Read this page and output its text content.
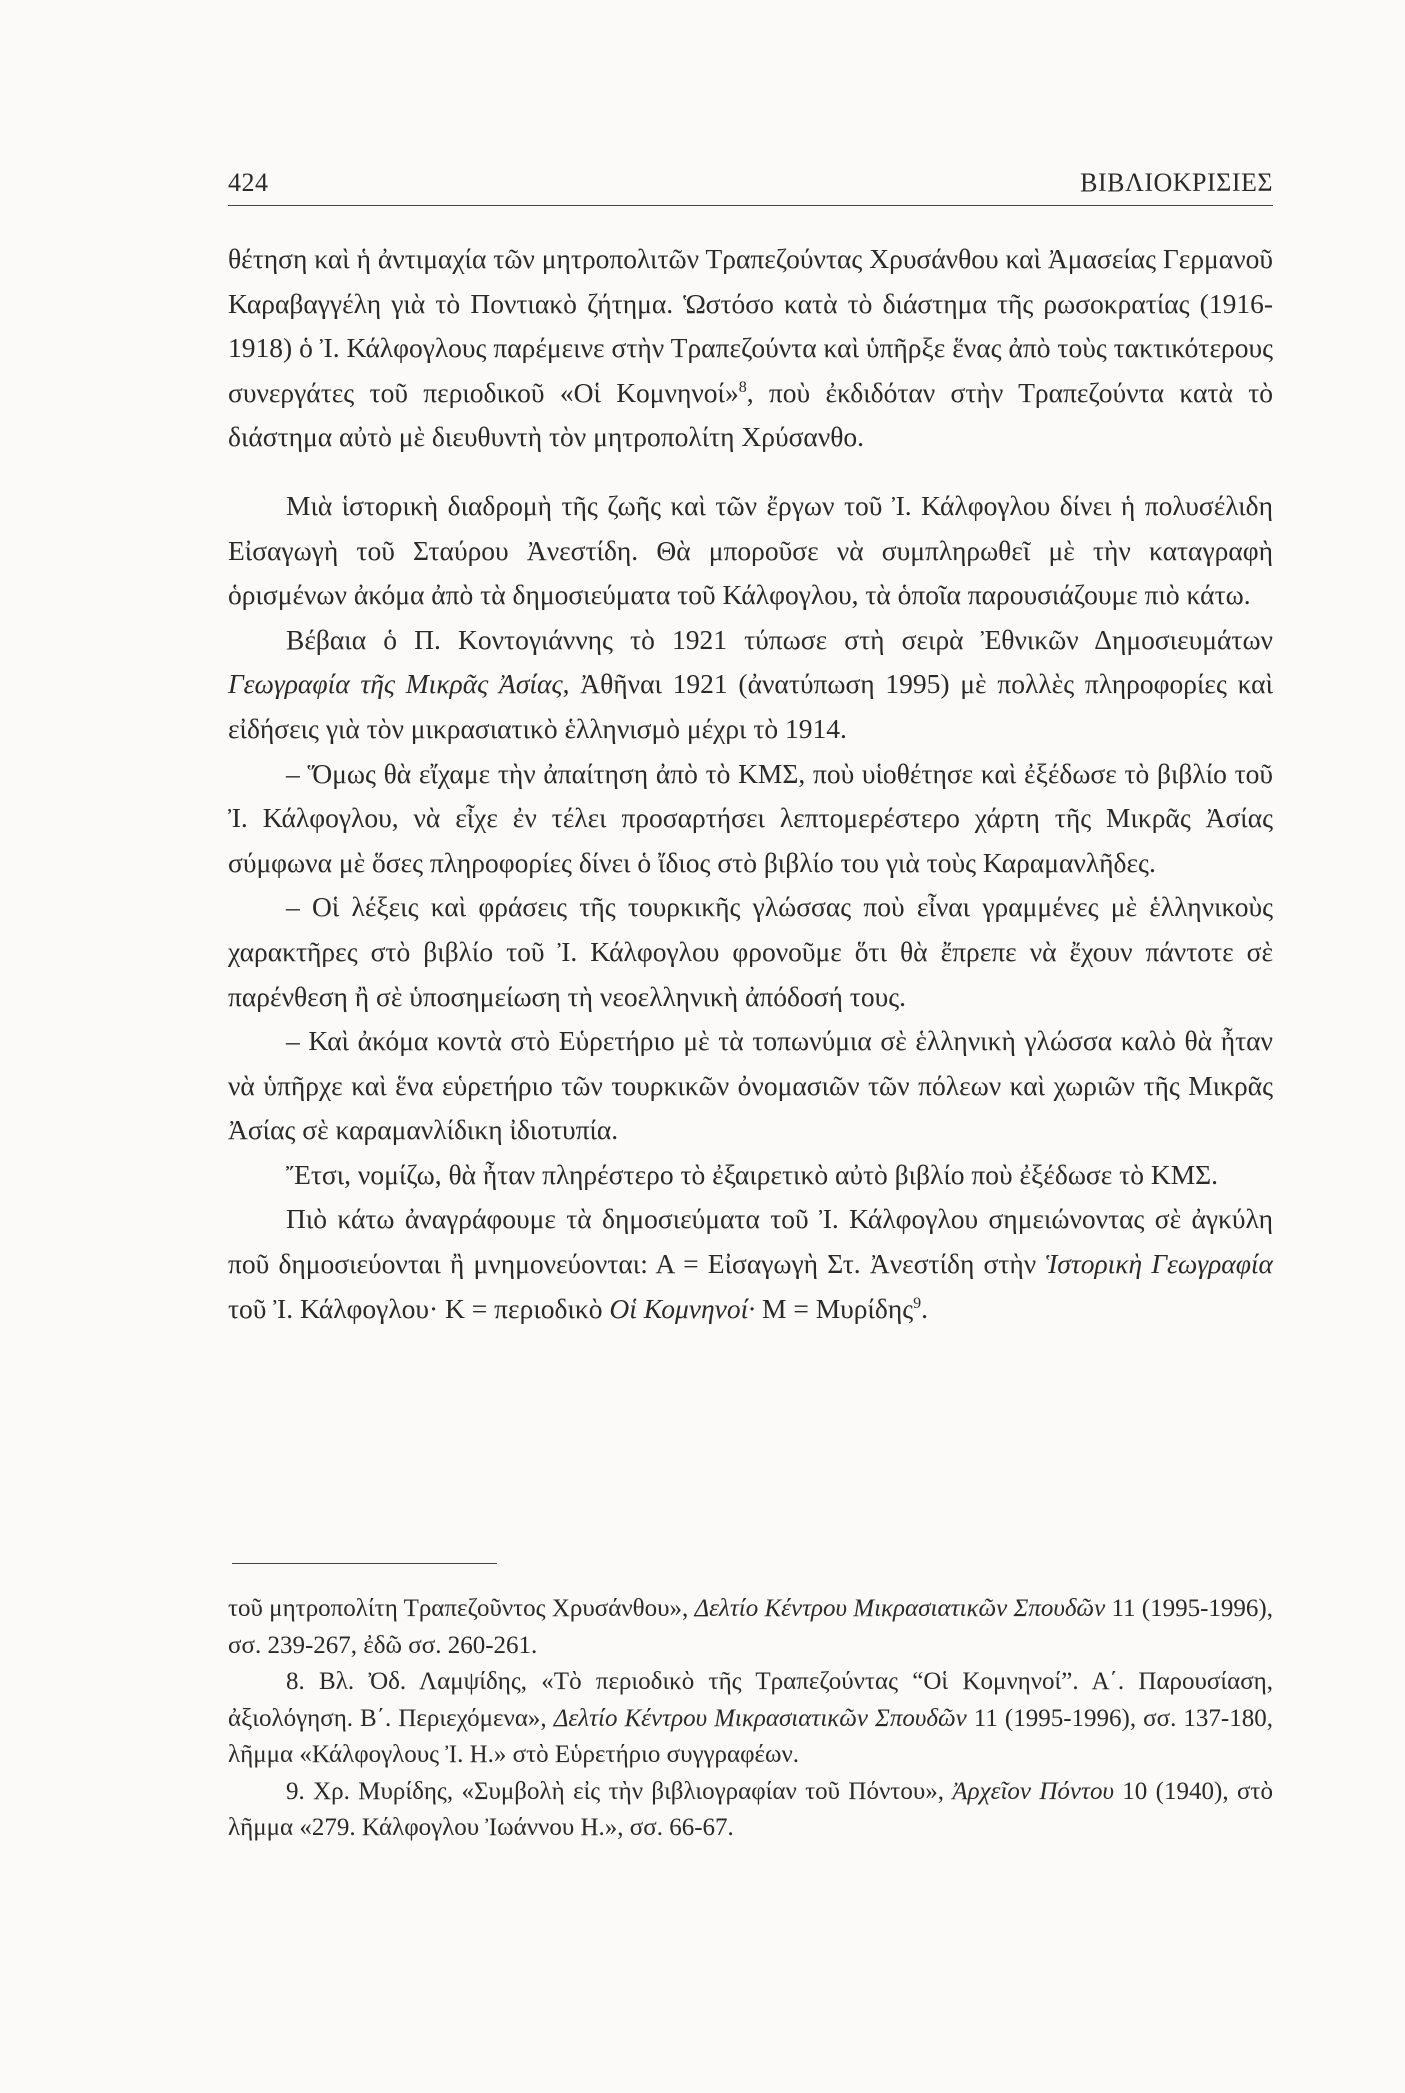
424	ΒΙΒΛΙΟΚΡΙΣΙΕΣ

θέτηση καὶ ἡ ἀντιμαχία τῶν μητροπολιτῶν Τραπεζούντας Χρυσάνθου καὶ Ἀμασείας Γερμανοῦ Καραβαγγέλη γιὰ τὸ Ποντιακὸ ζήτημα. Ὡστόσο κατὰ τὸ διάστημα τῆς ρωσοκρατίας (1916-1918) ὁ Ἰ. Κάλφογλους παρέμεινε στὴν Τραπεζούντα καὶ ὑπῆρξε ἕνας ἀπὸ τοὺς τακτικότερους συνεργάτες τοῦ περιοδικοῦ «Οἱ Κομνηνοί»$^8$, ποὺ ἐκδιδόταν στὴν Τραπεζούντα κατὰ τὸ διάστημα αὐτὸ μὲ διευθυντὴ τὸν μητροπολίτη Χρύσανθο.

Μιὰ ἱστορικὴ διαδρομὴ τῆς ζωῆς καὶ τῶν ἔργων τοῦ Ἰ. Κάλφογλου δίνει ἡ πολυσέλιδη Εἰσαγωγὴ τοῦ Σταύρου Ἀνεστίδη. Θὰ μποροῦσε νὰ συμπληρωθεῖ μὲ τὴν καταγραφὴ ὁρισμένων ἀκόμα ἀπὸ τὰ δημοσιεύματα τοῦ Κάλφογλου, τὰ ὁποῖα παρουσιάζουμε πιὸ κάτω.

Βέβαια ὁ Π. Κοντογιάννης τὸ 1921 τύπωσε στὴ σειρὰ Ἐθνικῶν Δημοσιευμάτων Γεωγραφία τῆς Μικρᾶς Ἀσίας, Ἀθῆναι 1921 (ἀνατύπωση 1995) μὲ πολλὲς πληροφορίες καὶ εἰδήσεις γιὰ τὸν μικρασιατικὸ ἑλληνισμὸ μέχρι τὸ 1914.

– Ὅμως θὰ εἴχαμε τὴν ἀπαίτηση ἀπὸ τὸ ΚΜΣ, ποὺ υἱοθέτησε καὶ ἐξέδωσε τὸ βιβλίο τοῦ Ἰ. Κάλφογλου, νὰ εἶχε ἐν τέλει προσαρτήσει λεπτομερέστερο χάρτη τῆς Μικρᾶς Ἀσίας σύμφωνα μὲ ὅσες πληροφορίες δίνει ὁ ἴδιος στὸ βιβλίο του γιὰ τοὺς Καραμανλῆδες.

– Οἱ λέξεις καὶ φράσεις τῆς τουρκικῆς γλώσσας ποὺ εἶναι γραμμένες μὲ ἑλληνικοὺς χαρακτῆρες στὸ βιβλίο τοῦ Ἰ. Κάλφογλου φρονοῦμε ὅτι θὰ ἔπρεπε νὰ ἔχουν πάντοτε σὲ παρένθεση ἢ σὲ ὑποσημείωση τὴ νεοελληνικὴ ἀπόδοσή τους.

– Καὶ ἀκόμα κοντὰ στὸ Εὑρετήριο μὲ τὰ τοπωνύμια σὲ ἑλληνικὴ γλώσσα καλὸ θὰ ἦταν νὰ ὑπῆρχε καὶ ἕνα εὑρετήριο τῶν τουρκικῶν ὀνομασιῶν τῶν πόλεων καὶ χωριῶν τῆς Μικρᾶς Ἀσίας σὲ καραμανλίδικη ἰδιοτυπία.

Ἔτσι, νομίζω, θὰ ἦταν πληρέστερο τὸ ἐξαιρετικὸ αὐτὸ βιβλίο ποὺ ἐξέδωσε τὸ ΚΜΣ.

Πιὸ κάτω ἀναγράφουμε τὰ δημοσιεύματα τοῦ Ἰ. Κάλφογλου σημειώνοντας σὲ ἀγκύλη ποῦ δημοσιεύονται ἢ μνημονεύονται: Α = Εἰσαγωγὴ Στ. Ἀνεστίδη στὴν Ἱστορικὴ Γεωγραφία τοῦ Ἰ. Κάλφογλου· Κ = περιοδικὸ Οἱ Κομνηνοί· Μ = Μυρίδης$^9$.

τοῦ μητροπολίτη Τραπεζοῦντος Χρυσάνθου», Δελτίο Κέντρου Μικρασιατικῶν Σπουδῶν 11 (1995-1996), σσ. 239-267, ἐδῶ σσ. 260-261.

8. Βλ. Ὀδ. Λαμψίδης, «Τὸ περιοδικὸ τῆς Τραπεζούντας “Οἱ Κομνηνοί”. Α΄. Παρουσίαση, ἀξιολόγηση. Β΄. Περιεχόμενα», Δελτίο Κέντρου Μικρασιατικῶν Σπουδῶν 11 (1995-1996), σσ. 137-180, λῆμμα «Κάλφογλους Ἰ. Η.» στὸ Εὑρετήριο συγγραφέων.

9. Χρ. Μυρίδης, «Συμβολὴ εἰς τὴν βιβλιογραφίαν τοῦ Πόντου», Ἀρχεῖον Πόντου 10 (1940), στὸ λῆμμα «279. Κάλφογλου Ἰωάννου Η.», σσ. 66-67.
